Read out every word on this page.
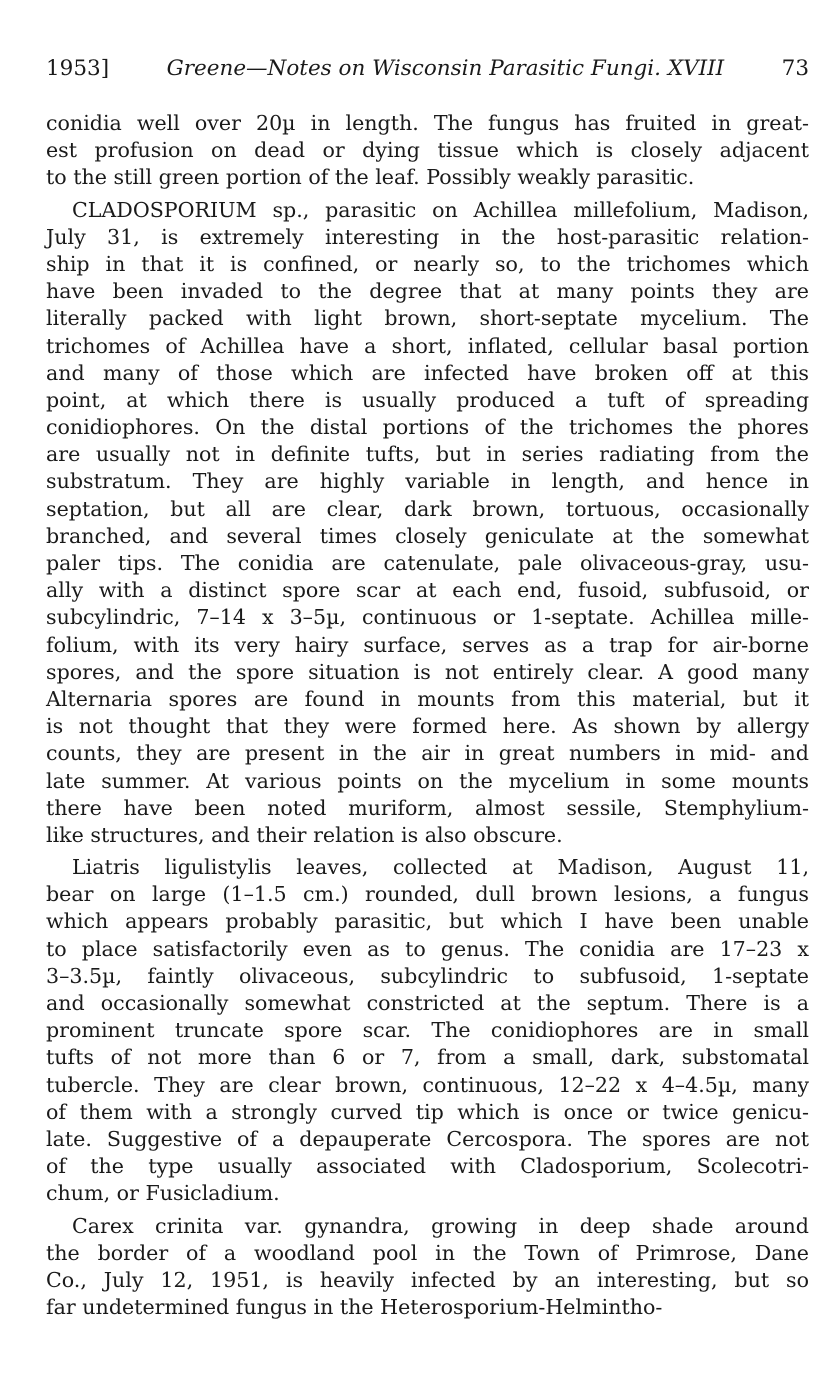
1953]	Greene—Notes on Wisconsin Parasitic Fungi. XVIII	73

conidia well over 20µ in length. The fungus has fruited in great-
est profusion on dead or dying tissue which is closely adjacent
to the still green portion of the leaf. Possibly weakly parasitic.

CLADOSPORIUM sp., parasitic on Achillea millefolium, Madison,
July 31, is extremely interesting in the host-parasitic relation-
ship in that it is confined, or nearly so, to the trichomes which
have been invaded to the degree that at many points they are
literally packed with light brown, short-septate mycelium. The
trichomes of Achillea have a short, inflated, cellular basal portion
and many of those which are infected have broken off at this
point, at which there is usually produced a tuft of spreading
conidiophores. On the distal portions of the trichomes the phores
are usually not in definite tufts, but in series radiating from the
substratum. They are highly variable in length, and hence in
septation, but all are clear, dark brown, tortuous, occasionally
branched, and several times closely geniculate at the somewhat
paler tips. The conidia are catenulate, pale olivaceous-gray, usu-
ally with a distinct spore scar at each end, fusoid, subfusoid, or
subcylindric, 7–14 x 3–5µ, continuous or 1-septate. Achillea mille-
folium, with its very hairy surface, serves as a trap for air-borne
spores, and the spore situation is not entirely clear. A good many
Alternaria spores are found in mounts from this material, but it
is not thought that they were formed here. As shown by allergy
counts, they are present in the air in great numbers in mid- and
late summer. At various points on the mycelium in some mounts
there have been noted muriform, almost sessile, Stemphylium-
like structures, and their relation is also obscure.

Liatris ligulistylis leaves, collected at Madison, August 11,
bear on large (1–1.5 cm.) rounded, dull brown lesions, a fungus
which appears probably parasitic, but which I have been unable
to place satisfactorily even as to genus. The conidia are 17–23 x
3–3.5µ, faintly olivaceous, subcylindric to subfusoid, 1-septate
and occasionally somewhat constricted at the septum. There is a
prominent truncate spore scar. The conidiophores are in small
tufts of not more than 6 or 7, from a small, dark, substomatal
tubercle. They are clear brown, continuous, 12–22 x 4–4.5µ, many
of them with a strongly curved tip which is once or twice genicu-
late. Suggestive of a depauperate Cercospora. The spores are not
of the type usually associated with Cladosporium, Scolecotri-
chum, or Fusicladium.

Carex crinita var. gynandra, growing in deep shade around
the border of a woodland pool in the Town of Primrose, Dane
Co., July 12, 1951, is heavily infected by an interesting, but so
far undetermined fungus in the Heterosporium-Helmintho-
